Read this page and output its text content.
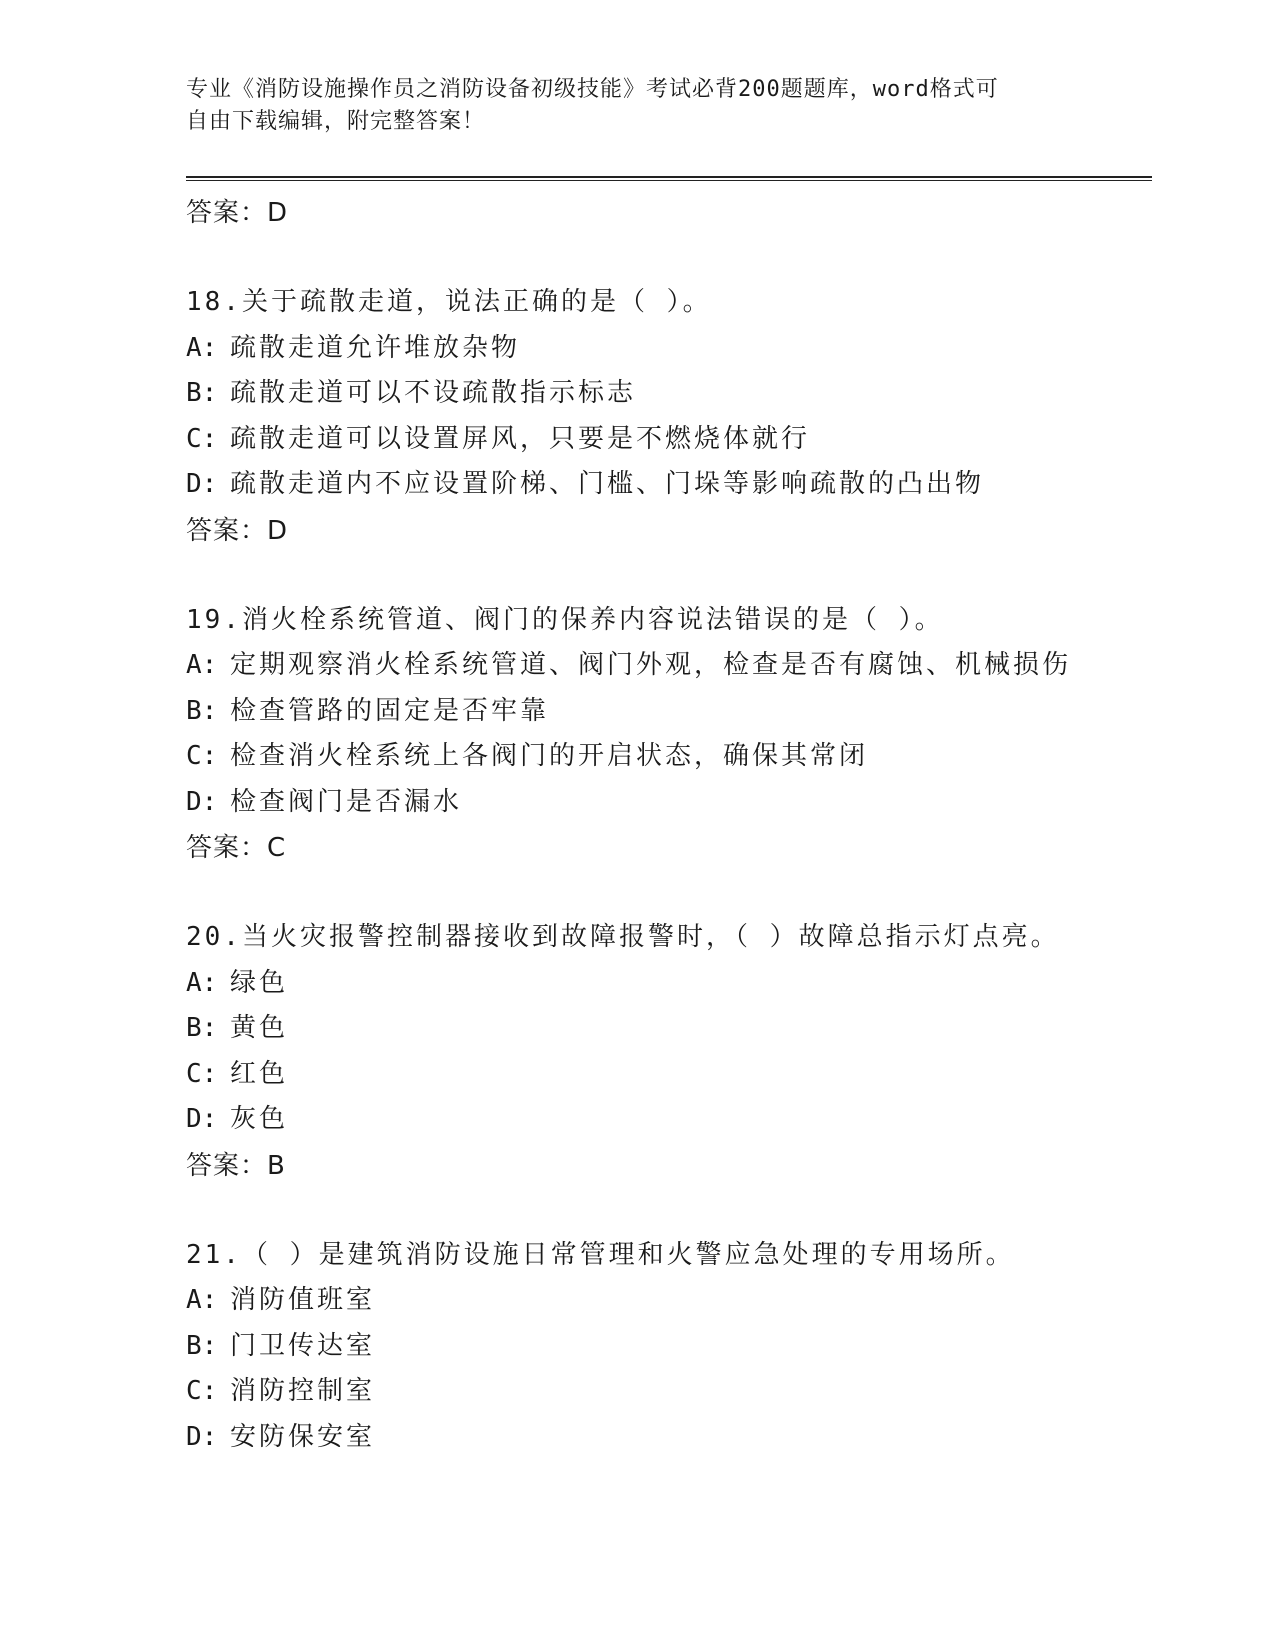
专业《消防设施操作员之消防设备初级技能》考试必背200题题库，word格式可
自由下载编辑，附完整答案！
答案：D
18.关于疏散走道，说法正确的是（ ）。
A: 疏散走道允许堆放杂物
B: 疏散走道可以不设疏散指示标志
C: 疏散走道可以设置屏风，只要是不燃烧体就行
D: 疏散走道内不应设置阶梯、门槛、门垛等影响疏散的凸出物
答案：D
19.消火栓系统管道、阀门的保养内容说法错误的是（ ）。
A: 定期观察消火栓系统管道、阀门外观，检查是否有腐蚀、机械损伤
B: 检查管路的固定是否牢靠
C: 检查消火栓系统上各阀门的开启状态，确保其常闭
D: 检查阀门是否漏水
答案：C
20.当火灾报警控制器接收到故障报警时，（ ）故障总指示灯点亮。
A: 绿色
B: 黄色
C: 红色
D: 灰色
答案：B
21.（ ）是建筑消防设施日常管理和火警应急处理的专用场所。
A: 消防值班室
B: 门卫传达室
C: 消防控制室
D: 安防保安室
